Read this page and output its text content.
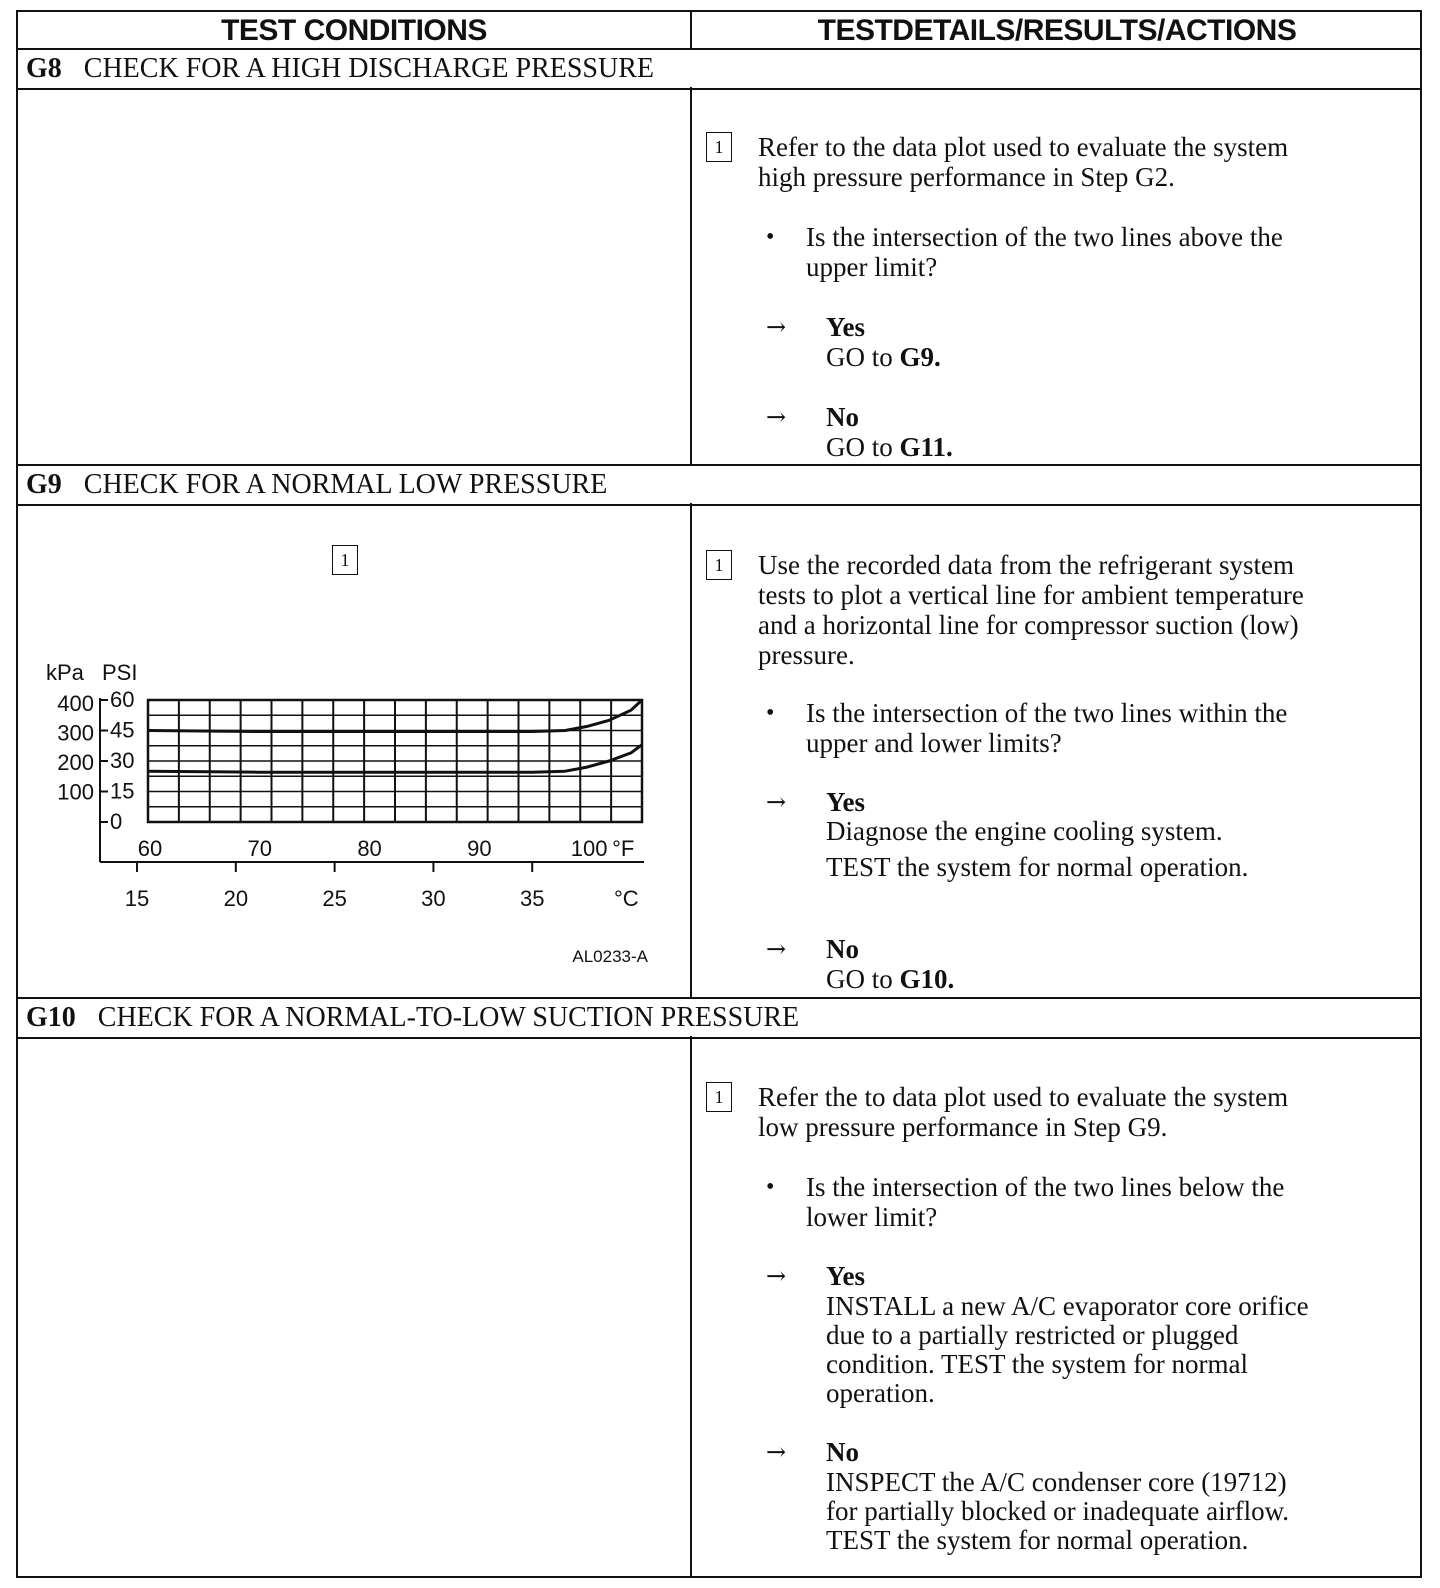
TEST CONDITIONS	TESTDETAILS/RESULTS/ACTIONS
G8 CHECK FOR A HIGH DISCHARGE PRESSURE
1	Refer to the data plot used to evaluate the system
high pressure performance in Step G2.
• Is the intersection of the two lines above the
upper limit?
→ Yes
GO to G9.
→ No
GO to G11.
G9 CHECK FOR A NORMAL LOW PRESSURE
1
60
45
30
15
0
400
300
200
100
kPa PSI
60	70	80	90	100 °F
15	20	25	30	35	°C
AL0233-A
1	Use the recorded data from the refrigerant system
tests to plot a vertical line for ambient temperature
and a horizontal line for compressor suction (low)
pressure.
• Is the intersection of the two lines within the
upper and lower limits?
→ Yes
Diagnose the engine cooling system.
TEST the system for normal operation.
→ No
GO to G10.
G10 CHECK FOR A NORMAL-TO-LOW SUCTION PRESSURE
1	Refer the to data plot used to evaluate the system
low pressure performance in Step G9.
• Is the intersection of the two lines below the
lower limit?
→ Yes
INSTALL a new A/C evaporator core orifice
due to a partially restricted or plugged
condition. TEST the system for normal
operation.
→ No
INSPECT the A/C condenser core (19712)
for partially blocked or inadequate airflow.
TEST the system for normal operation.
